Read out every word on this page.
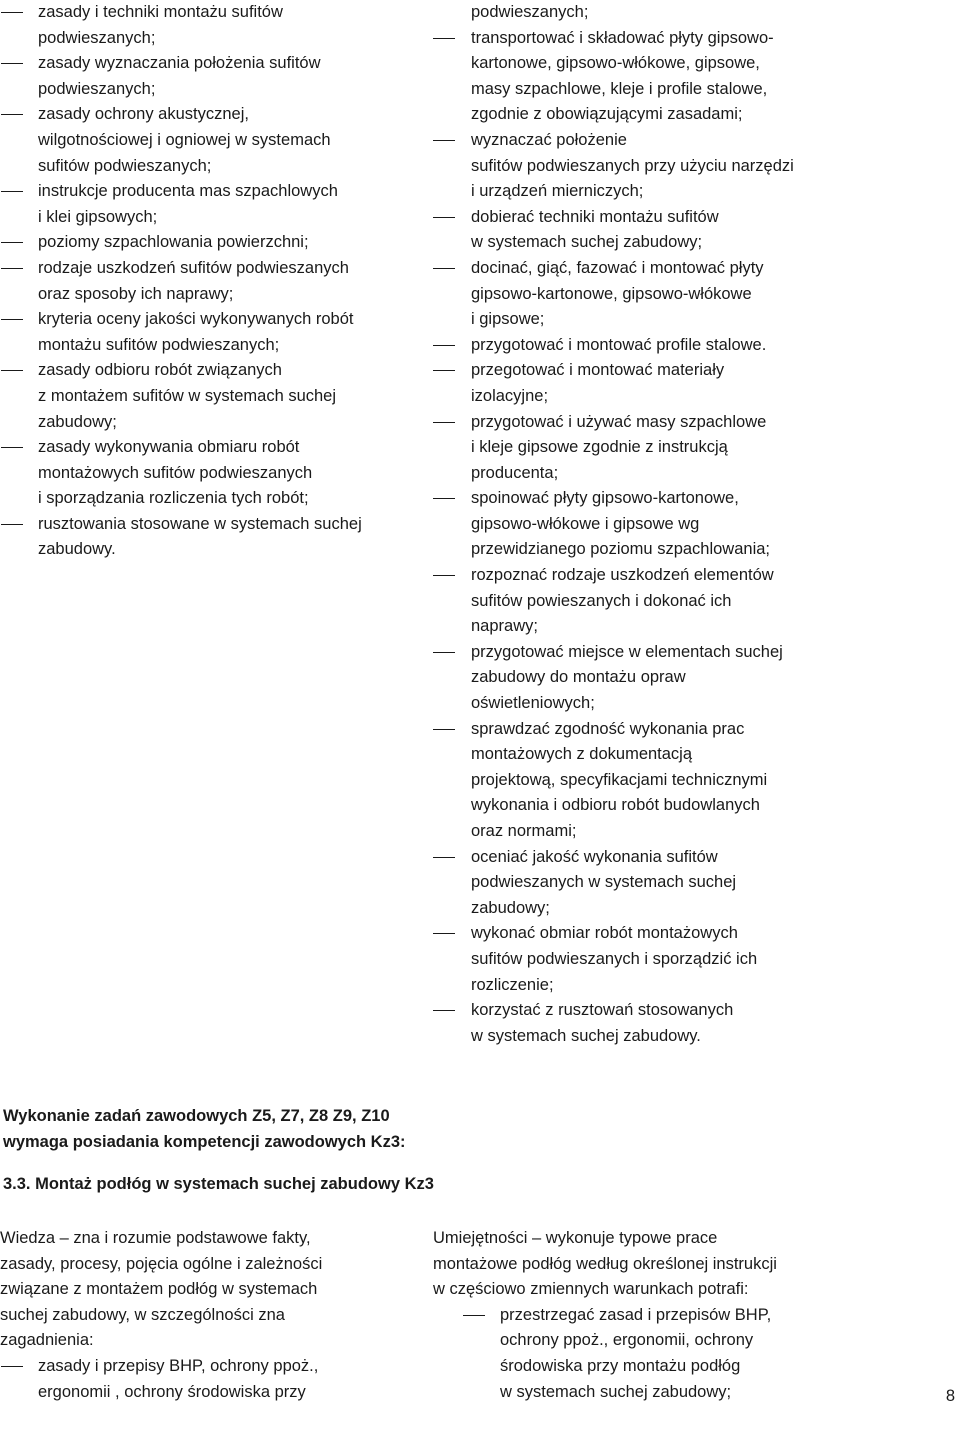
zasady i techniki montażu sufitów
podwieszanych;
zasady wyznaczania położenia sufitów
podwieszanych;
zasady ochrony akustycznej,
wilgotnościowej i ogniowej w systemach
sufitów podwieszanych;
instrukcje producenta mas szpachlowych
i klei gipsowych;
poziomy szpachlowania powierzchni;
rodzaje uszkodzeń sufitów podwieszanych
oraz sposoby ich naprawy;
kryteria oceny jakości wykonywanych robót
montażu sufitów podwieszanych;
zasady odbioru robót związanych
z montażem sufitów w systemach suchej
zabudowy;
zasady wykonywania obmiaru robót
montażowych sufitów podwieszanych
i sporządzania rozliczenia tych robót;
rusztowania stosowane w systemach suchej
zabudowy.
podwieszanych;
transportować i składować płyty gipsowo-
kartonowe, gipsowo-włókowe, gipsowe,
masy szpachlowe, kleje i profile stalowe,
zgodnie z obowiązującymi zasadami;
wyznaczać położenie
sufitów podwieszanych przy użyciu narzędzi
i urządzeń mierniczych;
dobierać techniki montażu sufitów
w systemach suchej zabudowy;
docinać, giąć, fazować i montować płyty
gipsowo-kartonowe, gipsowo-włókowe
i gipsowe;
przygotować i montować profile stalowe.
przegotować i montować materiały
izolacyjne;
przygotować i używać masy szpachlowe
i kleje gipsowe zgodnie z instrukcją
producenta;
spoinować płyty gipsowo-kartonowe,
gipsowo-włókowe i gipsowe wg
przewidzianego poziomu szpachlowania;
rozpoznać rodzaje uszkodzeń elementów
sufitów powieszanych i dokonać ich
naprawy;
przygotować miejsce w elementach suchej
zabudowy do montażu opraw
oświetleniowych;
sprawdzać zgodność wykonania prac
montażowych z dokumentacją
projektową, specyfikacjami technicznymi
wykonania i odbioru robót budowlanych
oraz normami;
oceniać jakość wykonania sufitów
podwieszanych w systemach suchej
zabudowy;
wykonać obmiar robót montażowych
sufitów podwieszanych i sporządzić ich
rozliczenie;
korzystać z rusztowań stosowanych
w systemach suchej zabudowy.
Wykonanie zadań zawodowych Z5, Z7, Z8 Z9, Z10
wymaga posiadania kompetencji zawodowych Kz3:
3.3. Montaż podłóg w systemach suchej zabudowy Kz3
Wiedza – zna i rozumie podstawowe fakty,
zasady, procesy, pojęcia ogólne i zależności
związane z montażem podłóg w systemach
suchej zabudowy, w szczególności zna
zagadnienia:
zasady i przepisy BHP, ochrony ppoż.,
ergonomii , ochrony środowiska przy
Umiejętności – wykonuje typowe prace
montażowe podłóg według określonej instrukcji
w częściowo zmiennych warunkach potrafi:
przestrzegać zasad i przepisów BHP,
ochrony ppoż., ergonomii, ochrony
środowiska przy montażu podłóg
w systemach suchej zabudowy;	8
